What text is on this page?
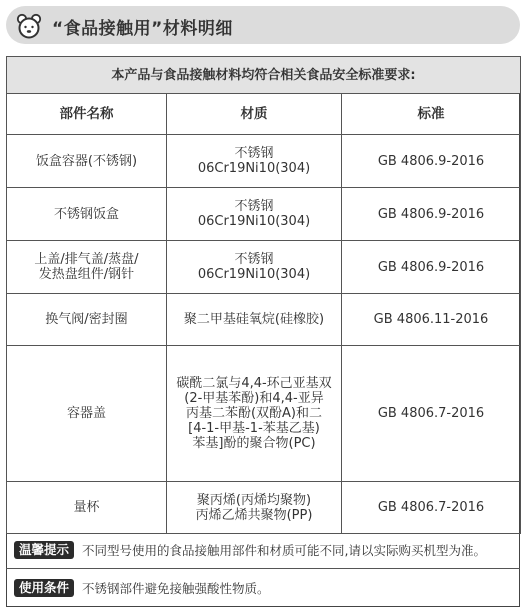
“食品接触用”材料明细
本产品与食品接触材料均符合相关食品安全标准要求:		
部件名称	材质	标准

饭盒容器(不锈钢)	不锈钢
06Cr19Ni10(304)	GB 4806.9-2016

不锈钢饭盒	不锈钢
06Cr19Ni10(304)	GB 4806.9-2016

上盖/排气盖/蒸盘/
发热盘组件/钢针	不锈钢
06Cr19Ni10(304)	GB 4806.9-2016

换气阀/密封圈	聚二甲基硅氧烷(硅橡胶)	GB 4806.11-2016

容器盖	碳酰二氯与4,4-环己亚基双
(2-甲基苯酚)和4,4-亚异
丙基二苯酚(双酚A)和二
[4-1-甲基-1-苯基乙基)
苯基]酚的聚合物(PC)	GB 4806.7-2016

量杯	聚丙烯(丙烯均聚物)
丙烯乙烯共聚物(PP)	GB 4806.7-2016
温馨提示	不同型号使用的食品接触用部件和材质可能不同,请以实际购买机型为准。
使用条件	不锈钢部件避免接触强酸性物质。
